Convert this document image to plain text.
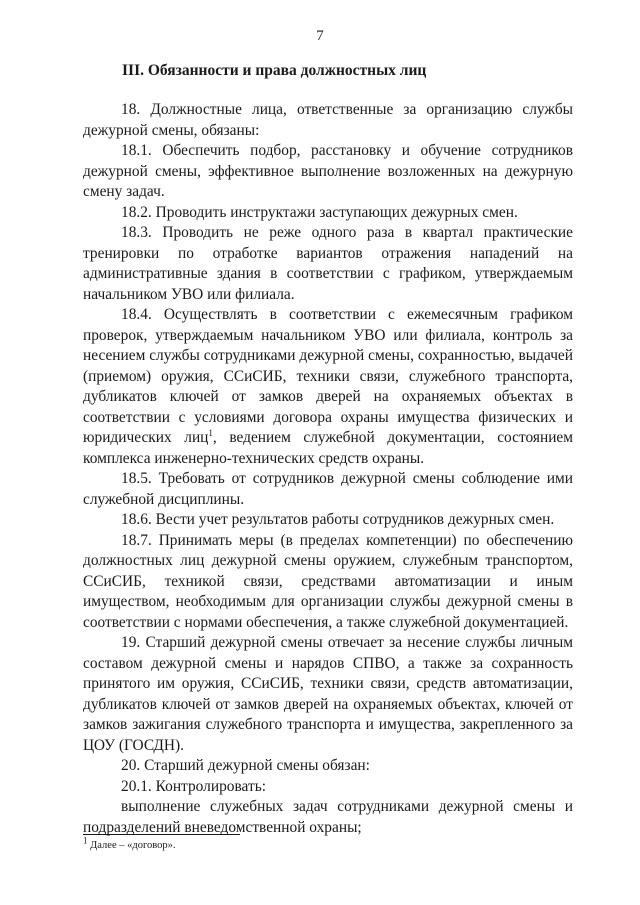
7
III. Обязанности и права должностных лиц

18. Должностные лица, ответственные за организацию службы дежурной смены, обязаны:

18.1. Обеспечить подбор, расстановку и обучение сотрудников дежурной смены, эффективное выполнение возложенных на дежурную смену задач.

18.2. Проводить инструктажи заступающих дежурных смен.

18.3. Проводить не реже одного раза в квартал практические тренировки по отработке вариантов отражения нападений на административные здания в соответствии с графиком, утверждаемым начальником УВО или филиала.

18.4. Осуществлять в соответствии с ежемесячным графиком проверок, утверждаемым начальником УВО или филиала, контроль за несением службы сотрудниками дежурной смены, сохранностью, выдачей (приемом) оружия, ССиСИБ, техники связи, служебного транспорта, дубликатов ключей от замков дверей на охраняемых объектах в соответствии с условиями договора охраны имущества физических и юридических лиц$^1$, ведением служебной документации, состоянием комплекса инженерно-технических средств охраны.

18.5. Требовать от сотрудников дежурной смены соблюдение ими служебной дисциплины.

18.6. Вести учет результатов работы сотрудников дежурных смен.

18.7. Принимать меры (в пределах компетенции) по обеспечению должностных лиц дежурной смены оружием, служебным транспортом, ССиСИБ, техникой связи, средствами автоматизации и иным имуществом, необходимым для организации службы дежурной смены в соответствии с нормами обеспечения, а также служебной документацией.

19. Старший дежурной смены отвечает за несение службы личным составом дежурной смены и нарядов СПВО, а также за сохранность принятого им оружия, ССиСИБ, техники связи, средств автоматизации, дубликатов ключей от замков дверей на охраняемых объектах, ключей от замков зажигания служебного транспорта и имущества, закрепленного за ЦОУ (ГОСДН).

20. Старший дежурной смены обязан:

20.1. Контролировать:

выполнение служебных задач сотрудниками дежурной смены и подразделений вневедомственной охраны;

1 Далее – «договор».
